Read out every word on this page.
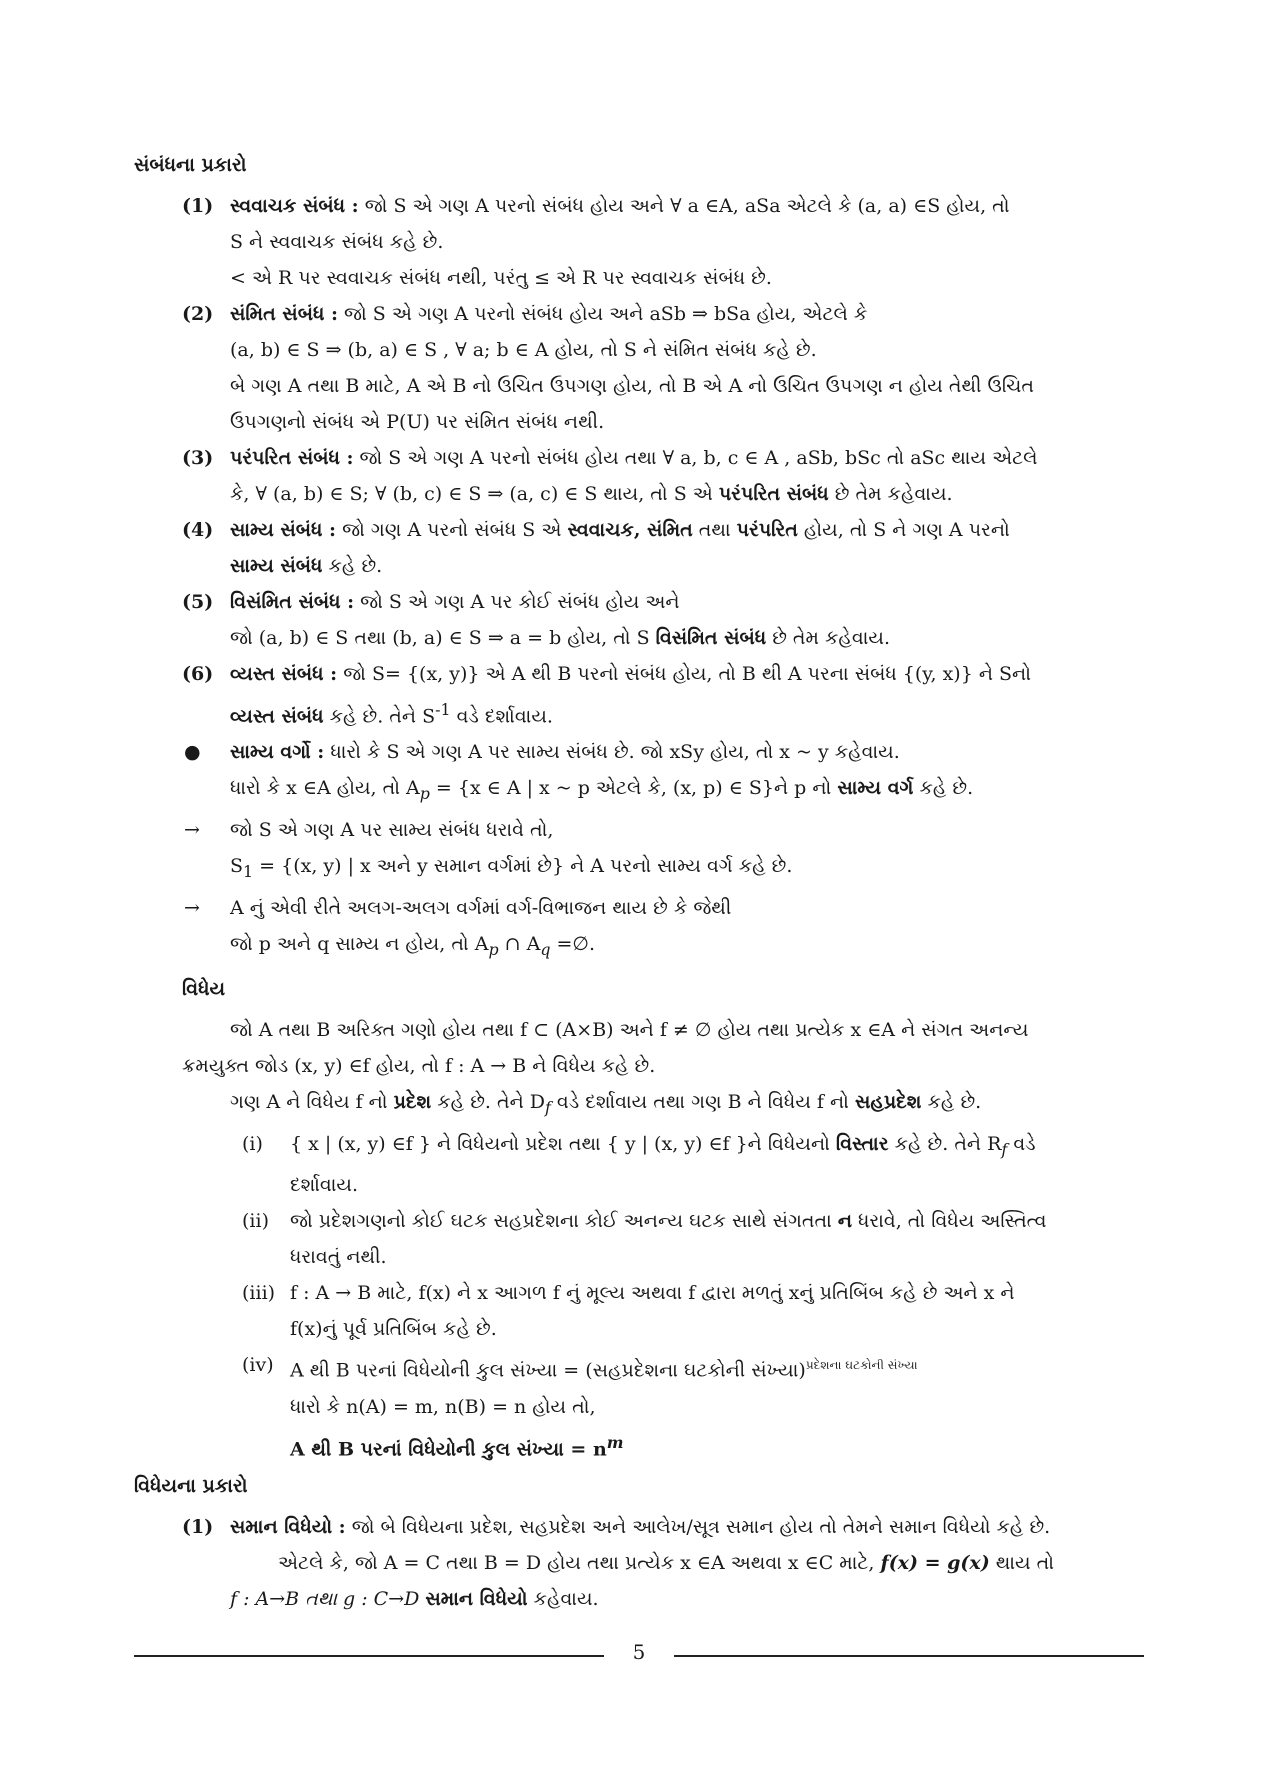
સંબંધના પ્રકારો
(1) સ્વવાચક સંબંધ : જો S એ ગણ A પરનો સંબંધ હોય અને ∀ a ∈A, aSa એટલે કે (a, a) ∈S હોય, તો
S ને સ્વવાચક સંબંધ કહે છે.
< એ R પર સ્વવાચક સંબંધ નથી, પરંતુ ≤ એ R પર સ્વવાચક સંબંધ છે.
(2) સંમિત સંબંધ : જો S એ ગણ A પરનો સંબંધ હોય અને aSb ⇒ bSa હોય, એટલે કે
(a, b) ∈ S ⇒ (b, a) ∈ S , ∀ a; b ∈ A હોય, તો S ને સંમિત સંબંધ કહે છે.
બે ગણ A તથા B માટે, A એ B નો ઉચિત ઉપગણ હોય, તો B એ A નો ઉચિત ઉપગણ ન હોય તેથી ઉચિત
ઉપગણનો સંબંધ એ P(U) પર સંમિત સંબંધ નથી.
(3) પરંપરિત સંબંધ : જો S એ ગણ A પરનો સંબંધ હોય તથા ∀ a, b, c ∈ A , aSb, bSc તો aSc થાય એટલે
કે, ∀ (a, b) ∈ S; ∀ (b, c) ∈ S ⇒ (a, c) ∈ S થાય, તો S એ પરંપરિત સંબંધ છે તેમ કહેવાય.
(4) સામ્ય સંબંધ : જો ગણ A પરનો સંબંધ S એ સ્વવાચક, સંમિત તથા પરંપરિત હોય, તો S ને ગણ A પરનો
સામ્ય સંબંધ કહે છે.
(5) વિસંમિત સંબંધ : જો S એ ગણ A પર કોઈ સંબંધ હોય અને
જો (a, b) ∈ S તથા (b, a) ∈ S ⇒ a = b હોય, તો S વિસંમિત સંબંધ છે તેમ કહેવાય.
(6) વ્યસ્ત સંબંધ : જો S= {(x, y)} એ A થી B પરનો સંબંધ હોય, તો B થી A પરના સંબંધ {(y, x)} ને Sનો
વ્યસ્ત સંબંધ કહે છે. તેને $S^{-1}$ વડે દર્શાવાય.
● સામ્ય વર્ગો : ધારો કે S એ ગણ A પર સામ્ય સંબંધ છે. જો xSy હોય, તો x ~ y કહેવાય.
ધારો કે x ∈A હોય, તો $A_p = \{x$ ∈ A | x ~ p એટલે કે, (x, p) ∈ S}ને p નો સામ્ય વર્ગ કહે છે.
→ જો S એ ગણ A પર સામ્ય સંબંધ ધરાવે તો,
$S_1 = \{(x$, y) | x અને y સમાન વર્ગમાં છે} ને A પરનો સામ્ય વર્ગ કહે છે.
→ A નું એવી રીતે અલગ-અલગ વર્ગમાં વર્ગ-વિભાજન થાય છે કે જેથી
જો p અને q સામ્ય ન હોય, તો $A_p$ ∩ $A_q$ =∅.
વિધેય
જો A તથા B અરિક્ત ગણો હોય તથા f ⊂ (A×B) અને f ≠ ∅ હોય તથા પ્રત્યેક x ∈A ને સંગત અનન્ય
ક્રમયુક્ત જોડ (x, y) ∈f હોય, તો f : A → B ને વિધેય કહે છે.
ગણ A ને વિધેય f નો પ્રદેશ કહે છે. તેને $D_f$ વડે દર્શાવાય તથા ગણ B ને વિધેય f નો સહપ્રદેશ કહે છે.
(i) { x | (x, y) ∈f } ને વિધેયનો પ્રદેશ તથા { y | (x, y) ∈f }ને વિધેયનો વિસ્તાર કહે છે. તેને $R_f$ વડે
દર્શાવાય.
(ii) જો પ્રદેશગણનો કોઈ ઘટક સહપ્રદેશના કોઈ અનન્ય ઘટક સાથે સંગતતા ન ધરાવે, તો વિધેય અસ્તિત્વ
ધરાવતું નથી.
(iii) f : A → B માટે, f(x) ને x આગળ f નું મૂલ્ય અથવા f દ્વારા મળતું xનું પ્રતિબિંબ કહે છે અને x ને
f(x)નું પૂર્વ પ્રતિબિંબ કહે છે.
(iv) A થી B પરનાં વિધેયોની કુલ સંખ્યા = (સહપ્રદેશના ઘટકોની સંખ્યા)$^{પ્રદેશના ઘટકોની સંખ્યા}$
ધારો કે n(A) = m, n(B) = n હોય તો,
A થી B પરનાં વિધેયોની કુલ સંખ્યા = $n^m$
વિધેયના પ્રકારો
(1) સમાન વિધેયો : જો બે વિધેયના પ્રદેશ, સહપ્રદેશ અને આલેખ/સૂત્ર સમાન હોય તો તેમને સમાન વિધેયો કહે છે.
એટલે કે, જો A = C તથા B = D હોય તથા પ્રત્યેક x ∈A અથવા x ∈C માટે, f(x) = g(x) થાય તો
f : A→B તથા g : C→D સમાન વિધેયો કહેવાય.
5
